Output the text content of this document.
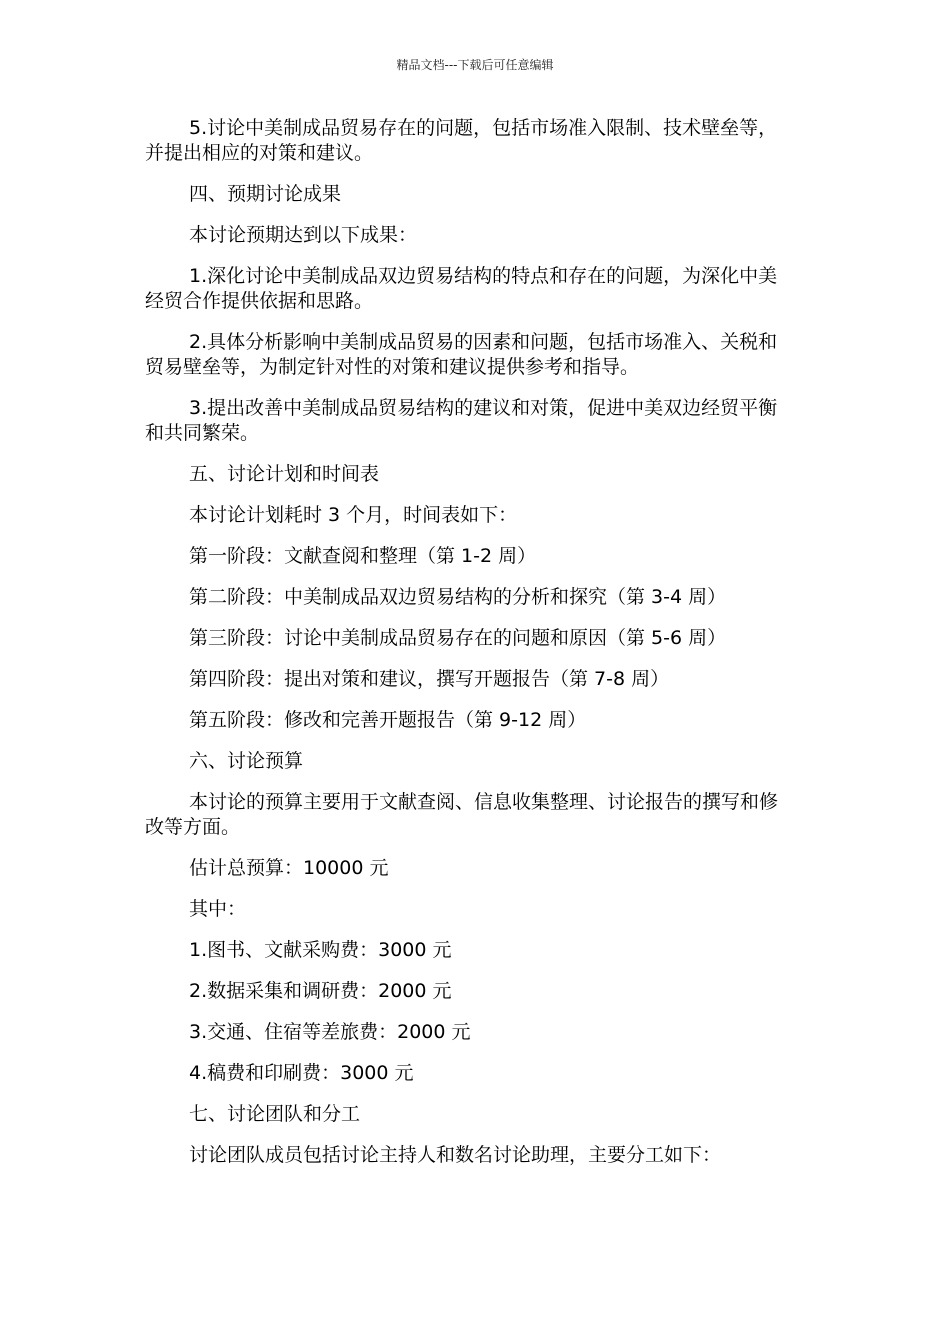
精品文档---下载后可任意编辑

5.讨论中美制成品贸易存在的问题，包括市场准入限制、技术壁垒等，并提出相应的对策和建议。

四、预期讨论成果

本讨论预期达到以下成果：

1.深化讨论中美制成品双边贸易结构的特点和存在的问题，为深化中美经贸合作提供依据和思路。

2.具体分析影响中美制成品贸易的因素和问题，包括市场准入、关税和贸易壁垒等，为制定针对性的对策和建议提供参考和指导。

3.提出改善中美制成品贸易结构的建议和对策，促进中美双边经贸平衡和共同繁荣。

五、讨论计划和时间表

本讨论计划耗时 3 个月，时间表如下：

第一阶段：文献查阅和整理（第 1-2 周）

第二阶段：中美制成品双边贸易结构的分析和探究（第 3-4 周）

第三阶段：讨论中美制成品贸易存在的问题和原因（第 5-6 周）

第四阶段：提出对策和建议，撰写开题报告（第 7-8 周）

第五阶段：修改和完善开题报告（第 9-12 周）

六、讨论预算

本讨论的预算主要用于文献查阅、信息收集整理、讨论报告的撰写和修改等方面。

估计总预算：10000 元

其中：

1.图书、文献采购费：3000 元

2.数据采集和调研费：2000 元

3.交通、住宿等差旅费：2000 元

4.稿费和印刷费：3000 元

七、讨论团队和分工

讨论团队成员包括讨论主持人和数名讨论助理，主要分工如下：
